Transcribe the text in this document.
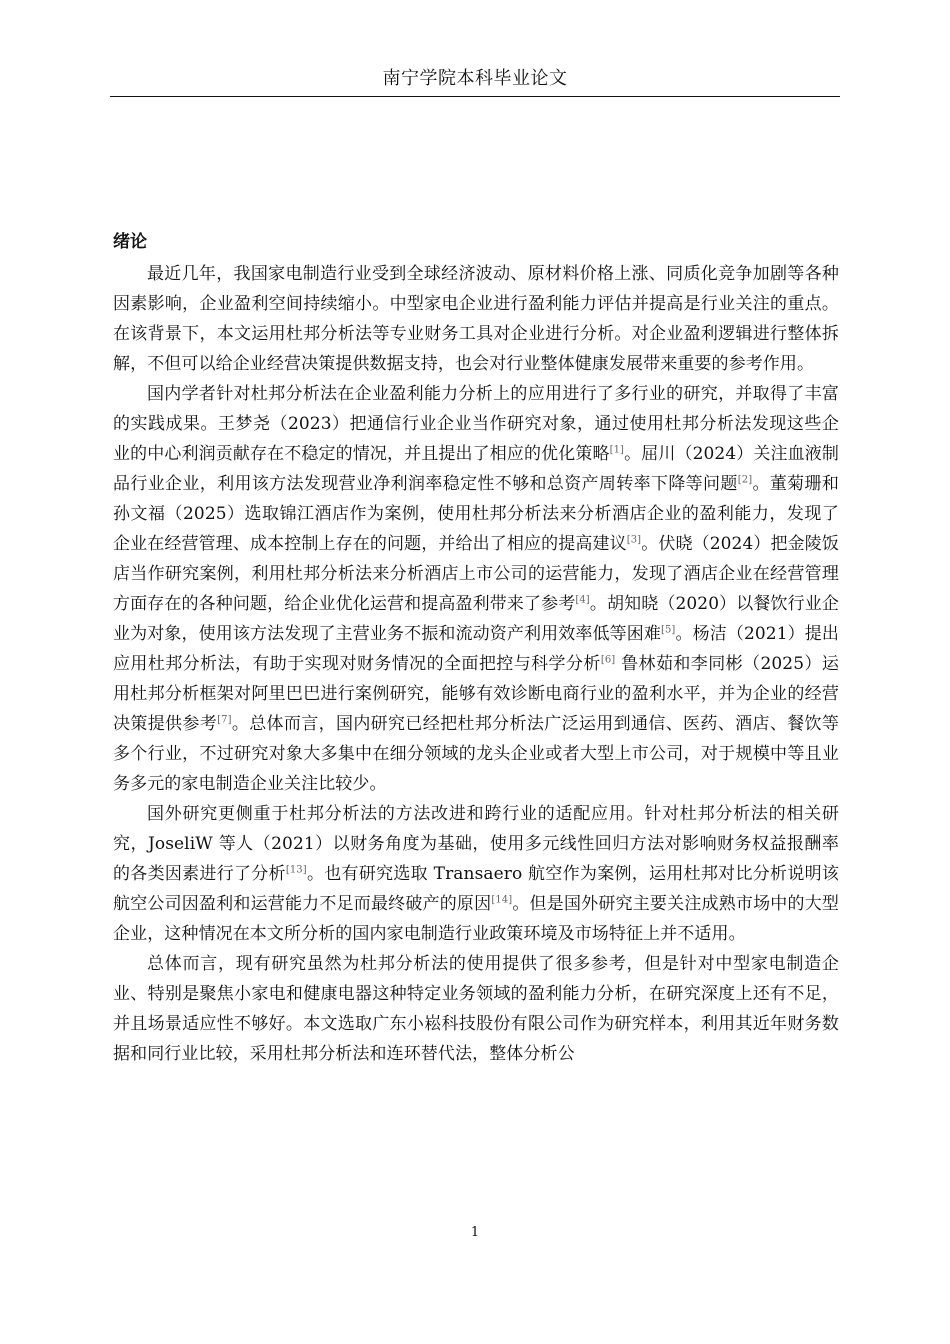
南宁学院本科毕业论文
绪论

最近几年，我国家电制造行业受到全球经济波动、原材料价格上涨、同质化竞争加剧等各种因素影响，企业盈利空间持续缩小。中型家电企业进行盈利能力评估并提高是行业关注的重点。在该背景下，本文运用杜邦分析法等专业财务工具对企业进行分析。对企业盈利逻辑进行整体拆解，不但可以给企业经营决策提供数据支持，也会对行业整体健康发展带来重要的参考作用。

国内学者针对杜邦分析法在企业盈利能力分析上的应用进行了多行业的研究，并取得了丰富的实践成果。王梦尧（2023）把通信行业企业当作研究对象，通过使用杜邦分析法发现这些企业的中心利润贡献存在不稳定的情况，并且提出了相应的优化策略[1]。屈川（2024）关注血液制品行业企业，利用该方法发现营业净利润率稳定性不够和总资产周转率下降等问题[2]。董菊珊和孙文福（2025）选取锦江酒店作为案例，使用杜邦分析法来分析酒店企业的盈利能力，发现了企业在经营管理、成本控制上存在的问题，并给出了相应的提高建议[3]。伏晓（2024）把金陵饭店当作研究案例，利用杜邦分析法来分析酒店上市公司的运营能力，发现了酒店企业在经营管理方面存在的各种问题，给企业优化运营和提高盈利带来了参考[4]。胡知晓（2020）以餐饮行业企业为对象，使用该方法发现了主营业务不振和流动资产利用效率低等困难[5]。杨洁（2021）提出应用杜邦分析法，有助于实现对财务情况的全面把控与科学分析[6] 鲁林茹和李同彬（2025）运用杜邦分析框架对阿里巴巴进行案例研究，能够有效诊断电商行业的盈利水平，并为企业的经营决策提供参考[7]。总体而言，国内研究已经把杜邦分析法广泛运用到通信、医药、酒店、餐饮等多个行业，不过研究对象大多集中在细分领域的龙头企业或者大型上市公司，对于规模中等且业务多元的家电制造企业关注比较少。

国外研究更侧重于杜邦分析法的方法改进和跨行业的适配应用。针对杜邦分析法的相关研究，JoseliW 等人（2021）以财务角度为基础，使用多元线性回归方法对影响财务权益报酬率的各类因素进行了分析[13]。也有研究选取 Transaero 航空作为案例，运用杜邦对比分析说明该航空公司因盈利和运营能力不足而最终破产的原因[14]。但是国外研究主要关注成熟市场中的大型企业，这种情况在本文所分析的国内家电制造行业政策环境及市场特征上并不适用。

总体而言，现有研究虽然为杜邦分析法的使用提供了很多参考，但是针对中型家电制造企业、特别是聚焦小家电和健康电器这种特定业务领域的盈利能力分析，在研究深度上还有不足，并且场景适应性不够好。本文选取广东小崧科技股份有限公司作为研究样本，利用其近年财务数据和同行业比较，采用杜邦分析法和连环替代法，整体分析公

1
